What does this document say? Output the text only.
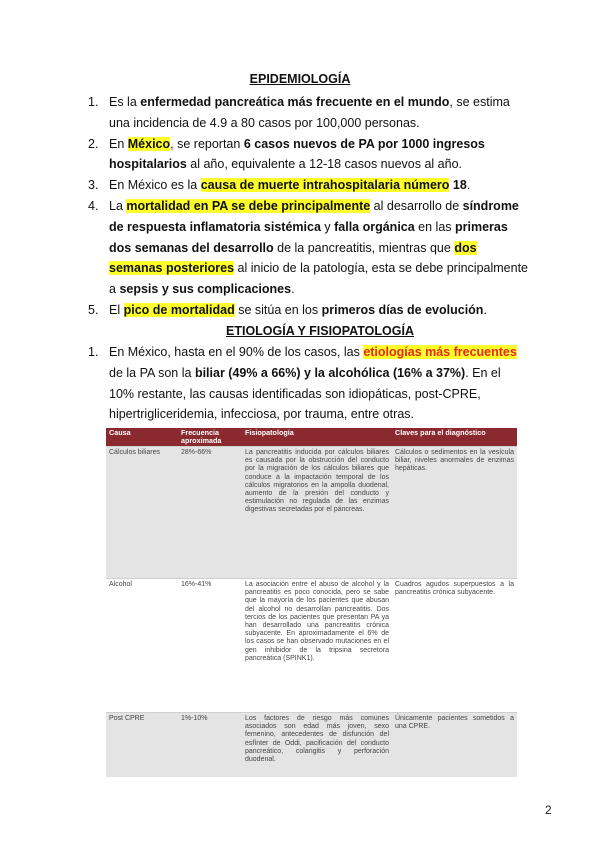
EPIDEMIOLOGÍA
1. Es la enfermedad pancreática más frecuente en el mundo, se estima una incidencia de 4.9 a 80 casos por 100,000 personas.
2. En México, se reportan 6 casos nuevos de PA por 1000 ingresos hospitalarios al año, equivalente a 12-18 casos nuevos al año.
3. En México es la causa de muerte intrahospitalaria número 18.
4. La mortalidad en PA se debe principalmente al desarrollo de síndrome de respuesta inflamatoria sistémica y falla orgánica en las primeras dos semanas del desarrollo de la pancreatitis, mientras que dos semanas posteriores al inicio de la patología, esta se debe principalmente a sepsis y sus complicaciones.
5. El pico de mortalidad se sitúa en los primeros días de evolución.
ETIOLOGÍA Y FISIOPATOLOGÍA
1. En México, hasta en el 90% de los casos, las etiologías más frecuentes de la PA son la biliar (49% a 66%) y la alcohólica (16% a 37%). En el 10% restante, las causas identificadas son idiopáticas, post-CPRE, hipertrigliceridemia, infecciosa, por trauma, entre otras.
Causa	Frecuencia aproximada	Fisiopatología	Claves para el diagnóstico
Cálculos biliares	28%-66%	La pancreatitis inducida por cálculos biliares es causada por la obstrucción del conducto por la migración de los cálculos biliares que conduce a la impactación temporal de los cálculos migratorios en la ampolla duodenal, aumento de la presión del conducto y estimulación no regulada de las enzimas digestivas secretadas por el páncreas.	Cálculos o sedimentos en la vesícula biliar, niveles anormales de enzimas hepáticas.
Alcohol	16%-41%	La asociación entre el abuso de alcohol y la pancreatitis es poco conocida, pero se sabe que la mayoría de los pacientes que abusan del alcohol no desarrollan pancreatitis. Dos tercios de los pacientes que presentan PA ya han desarrollado una pancreatitis crónica subyacente. En aproximadamente el 6% de los casos se han observado mutaciones en el gen inhibidor de la tripsina secretora pancreática (SPINK1).	Cuadros agudos superpuestos a la pancreatitis crónica subyacente.
Post CPRE	1%-10%	Los factores de riesgo más comunes asociados son edad más joven, sexo femenino, antecedentes de disfunción del esfínter de Oddi, pacificación del conducto pancreático, colangitis y perforación duodenal.	Únicamente pacientes sometidos a una CPRE.
2
